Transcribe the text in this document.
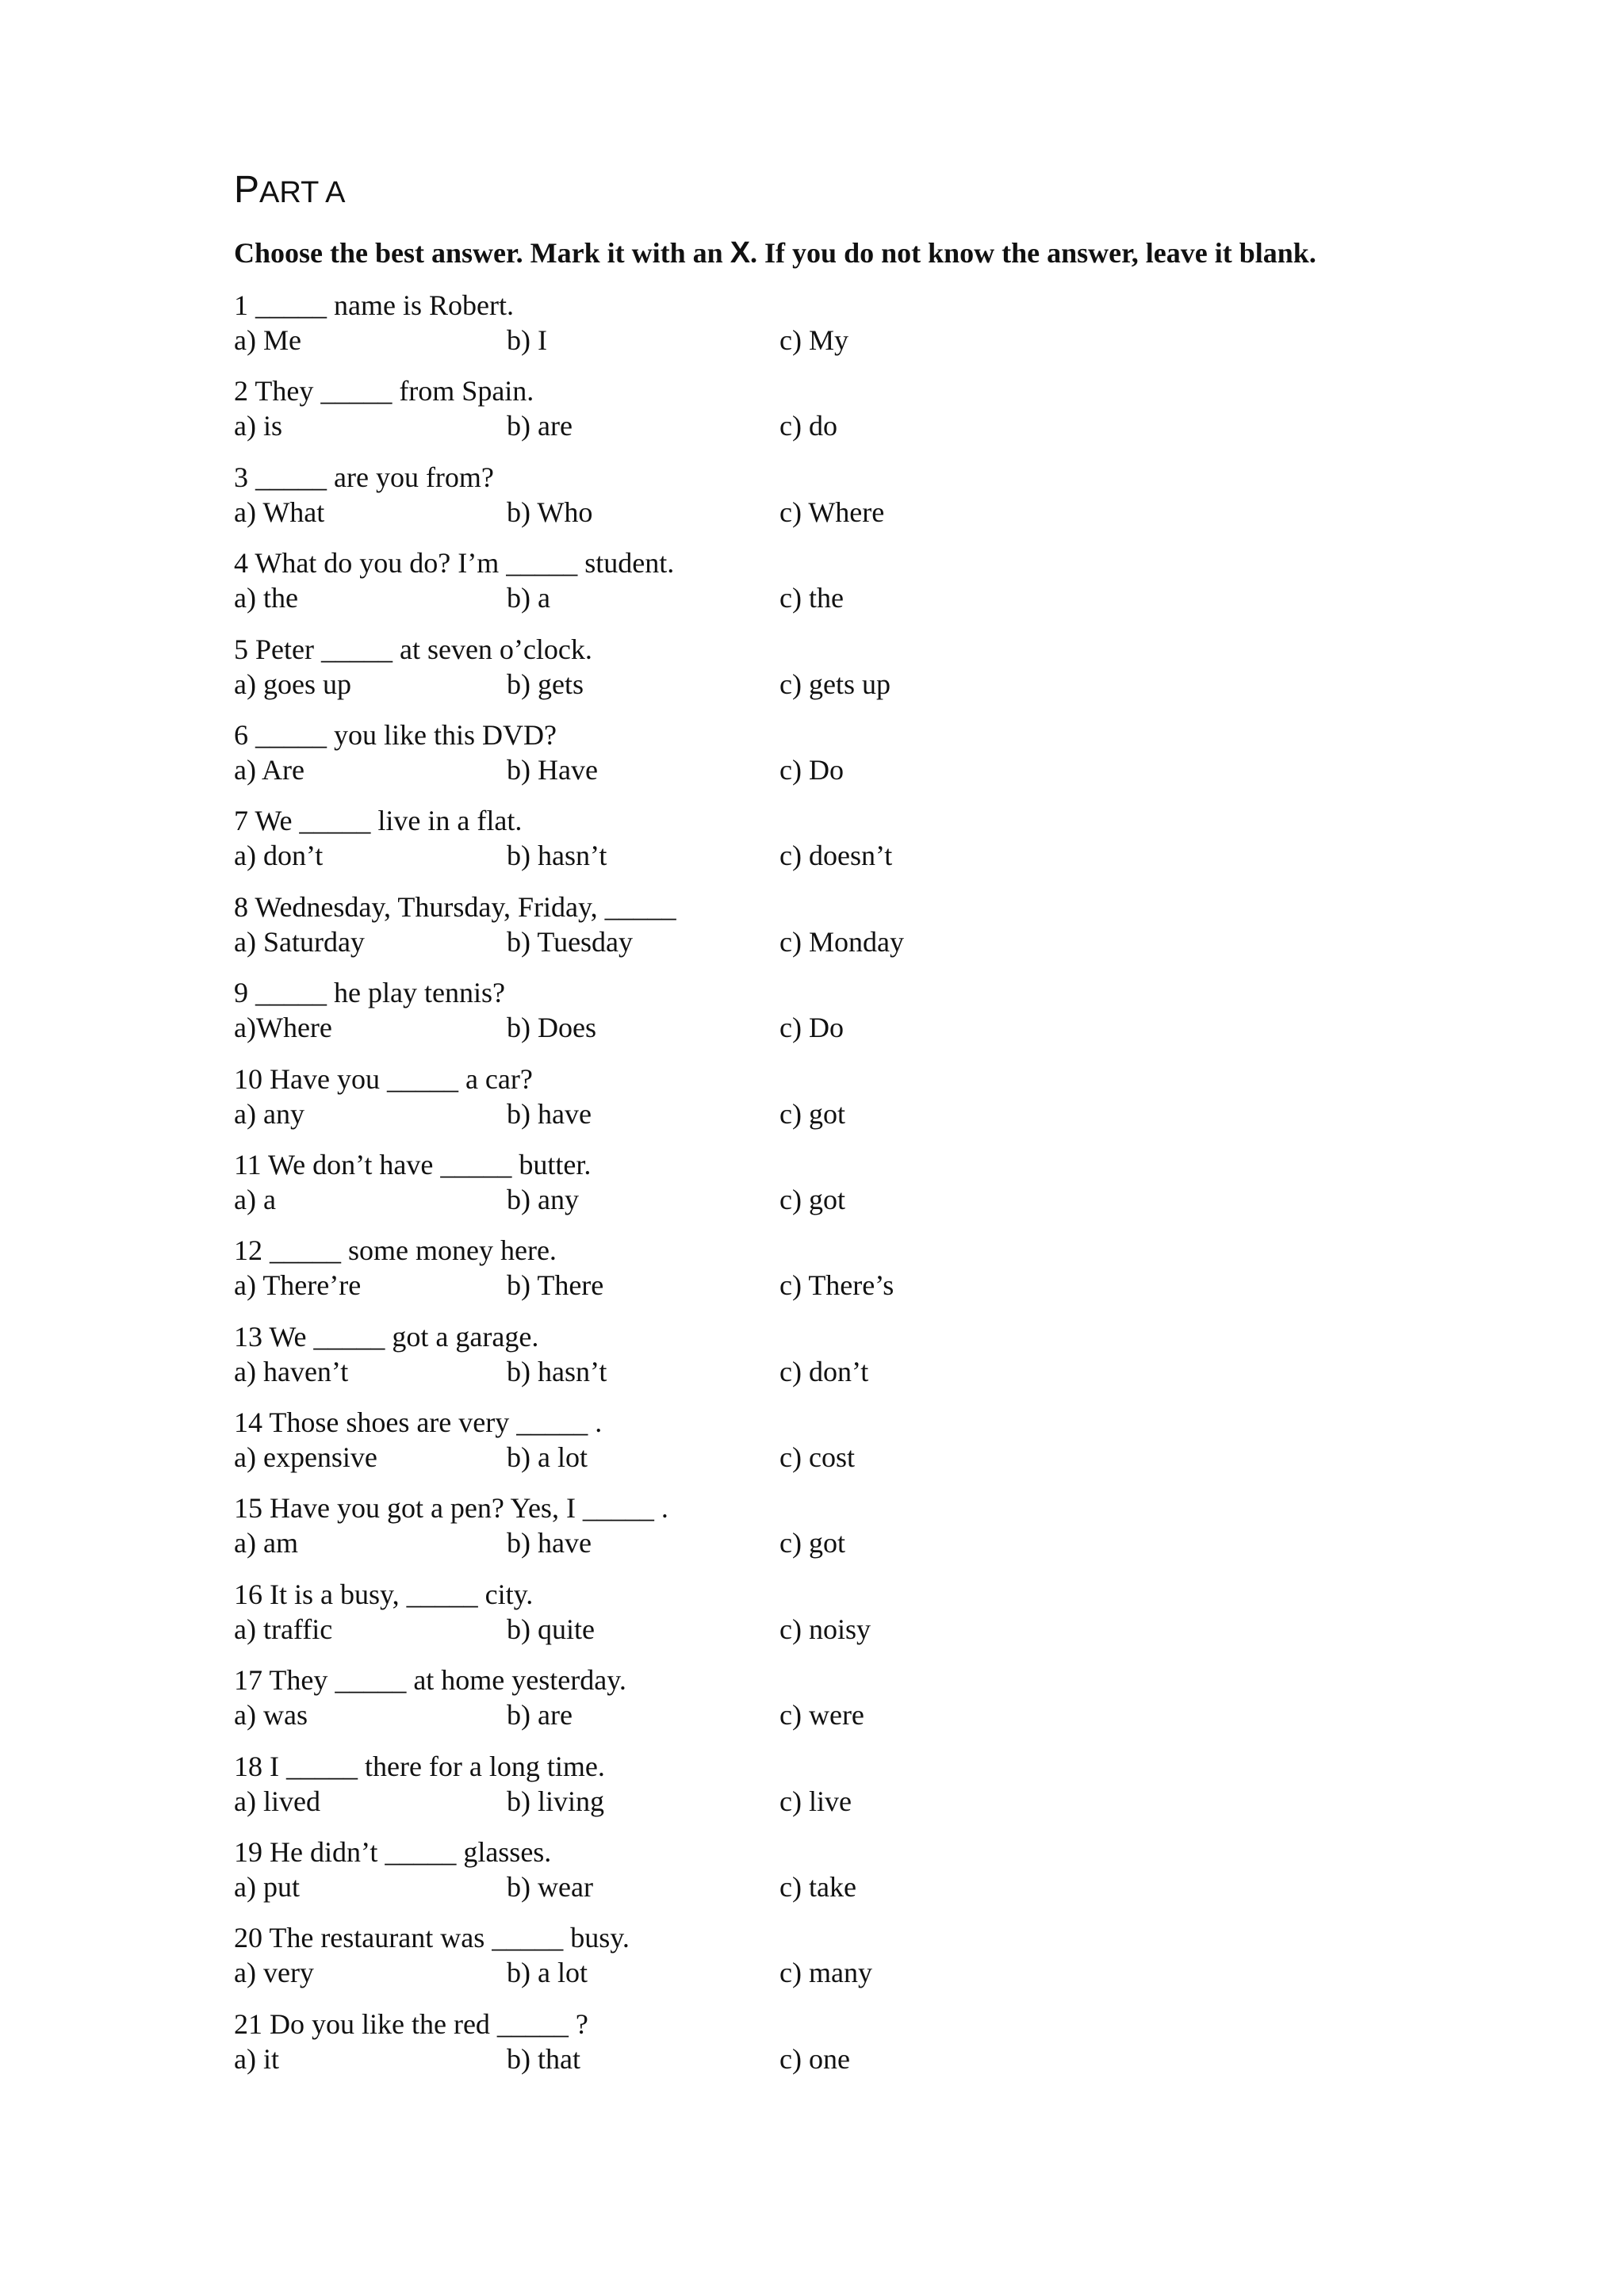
PART A
Choose the best answer. Mark it with an X. If you do not know the answer, leave it blank.
1 _____ name is Robert.
a) Me	b) I	c) My
2 They _____ from Spain.
a) is	b) are	c) do
3 _____ are you from?
a) What	b) Who	c) Where
4 What do you do? I’m _____ student.
a) the	b) a	c) the
5 Peter _____ at seven o’clock.
a) goes up	b) gets	c) gets up
6 _____ you like this DVD?
a) Are	b) Have	c) Do
7 We _____ live in a flat.
a) don’t	b) hasn’t	c) doesn’t
8 Wednesday, Thursday, Friday, _____
a) Saturday	b) Tuesday	c) Monday
9 _____ he play tennis?
a)Where	b) Does	c) Do
10 Have you _____ a car?
a) any	b) have	c) got
11 We don’t have _____ butter.
a) a	b) any	c) got
12 _____ some money here.
a) There’re	b) There	c) There’s
13 We _____ got a garage.
a) haven’t	b) hasn’t	c) don’t
14 Those shoes are very _____ .
a) expensive	b) a lot	c) cost
15 Have you got a pen? Yes, I _____ .
a) am	b) have	c) got
16 It is a busy, _____ city.
a) traffic	b) quite	c) noisy
17 They _____ at home yesterday.
a) was	b) are	c) were
18 I _____ there for a long time.
a) lived	b) living	c) live
19 He didn’t _____ glasses.
a) put	b) wear	c) take
20 The restaurant was _____ busy.
a) very	b) a lot	c) many
21 Do you like the red _____ ?
a) it	b) that	c) one
